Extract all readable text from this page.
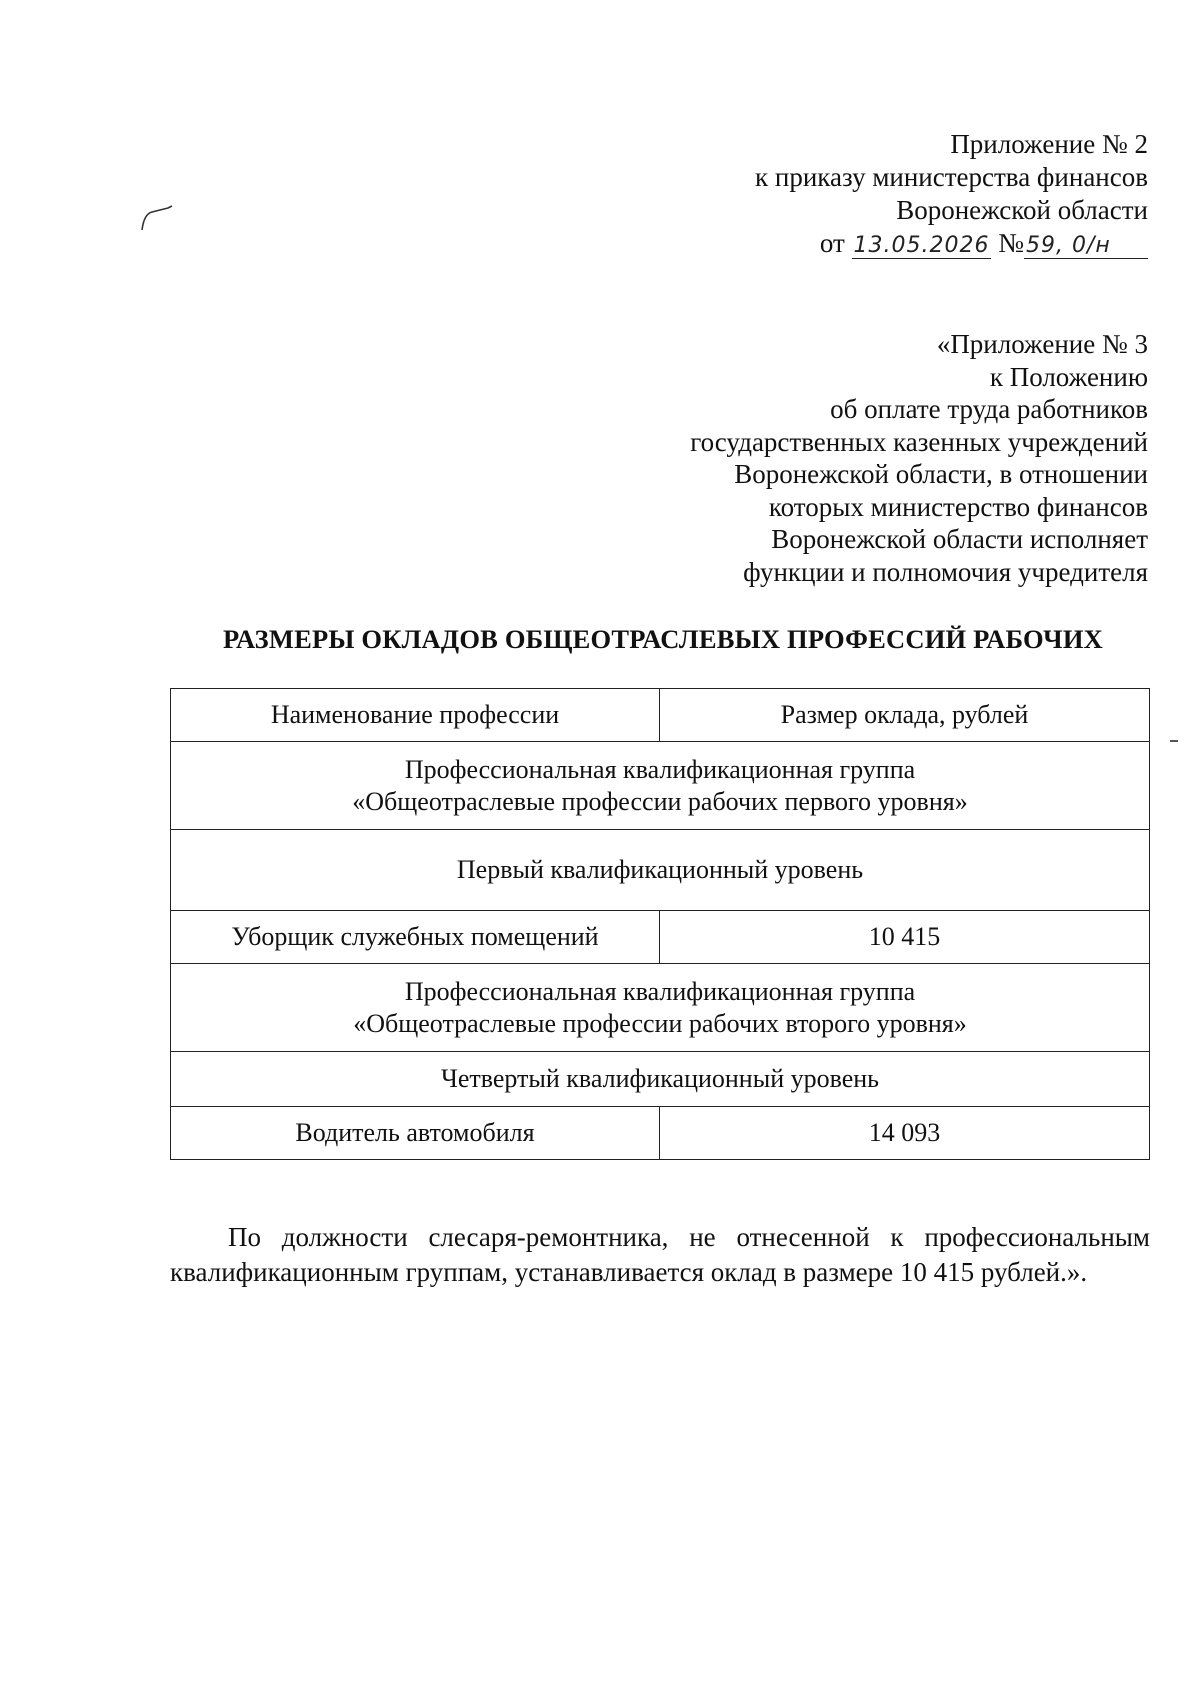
Приложение № 2
к приказу министерства финансов
Воронежской области
от 13.05.2026 №59, 0/н
«Приложение № 3
к Положению
об оплате труда работников
государственных казенных учреждений
Воронежской области, в отношении
которых министерство финансов
Воронежской области исполняет
функции и полномочия учредителя
РАЗМЕРЫ ОКЛАДОВ ОБЩЕОТРАСЛЕВЫХ ПРОФЕССИЙ РАБОЧИХ
Наименование профессии	Размер оклада, рублей

Профессиональная квалификационная группа
«Общеотраслевые профессии рабочих первого уровня»	

Первый квалификационный уровень	
Уборщик служебных помещений	10 415

Профессиональная квалификационная группа
«Общеотраслевые профессии рабочих второго уровня»	

Четвертый квалификационный уровень	
Водитель автомобиля	14 093

По должности слесаря-ремонтника, не отнесенной к профессиональным квалификационным группам, устанавливается оклад в размере 10 415 рублей.».
